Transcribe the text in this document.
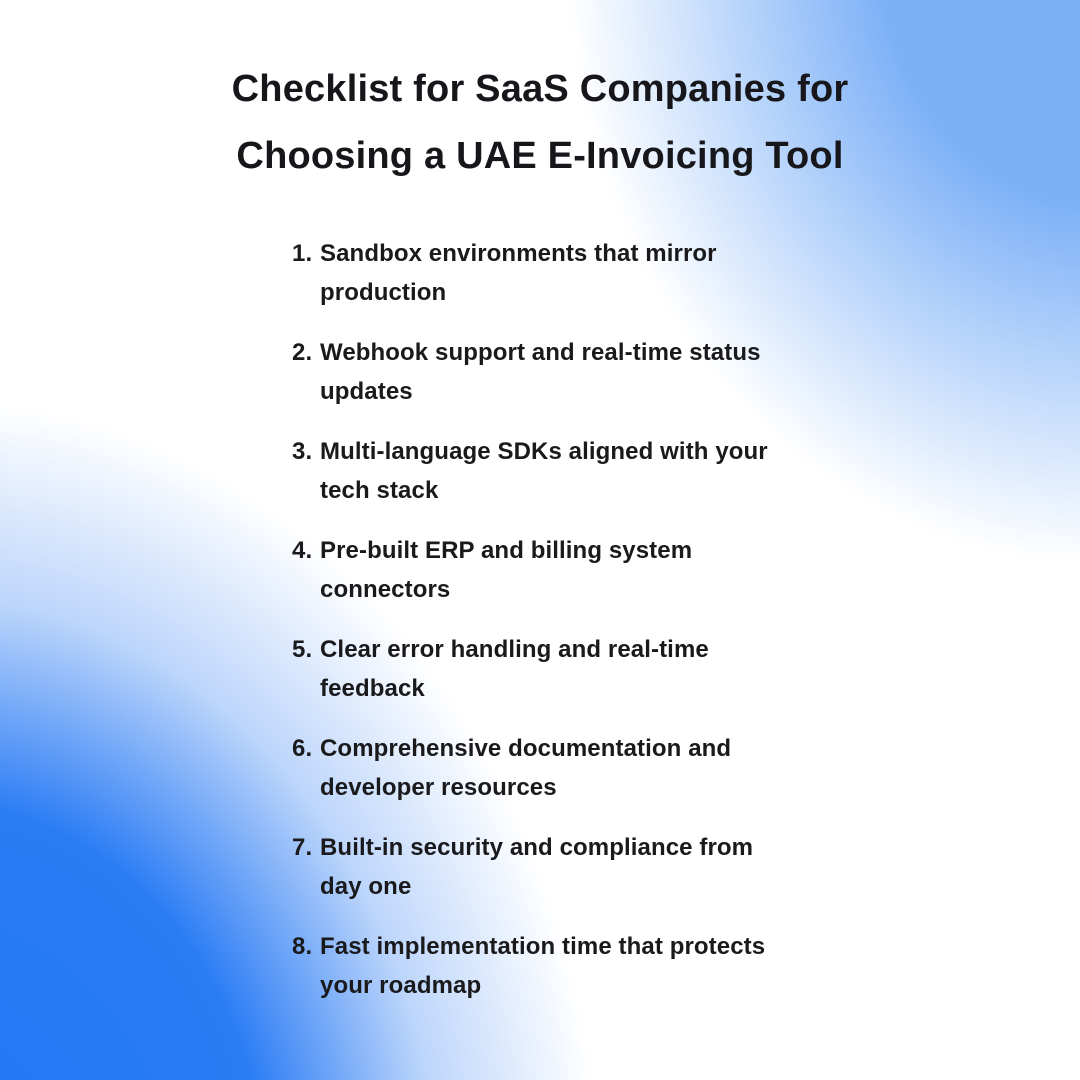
Checklist for SaaS Companies for
Choosing a UAE E-Invoicing Tool
1. Sandbox environments that mirror
production
2. Webhook support and real-time status
updates
3. Multi-language SDKs aligned with your
tech stack
4. Pre-built ERP and billing system
connectors
5. Clear error handling and real-time
feedback
6. Comprehensive documentation and
developer resources
7. Built-in security and compliance from
day one
8. Fast implementation time that protects
your roadmap
